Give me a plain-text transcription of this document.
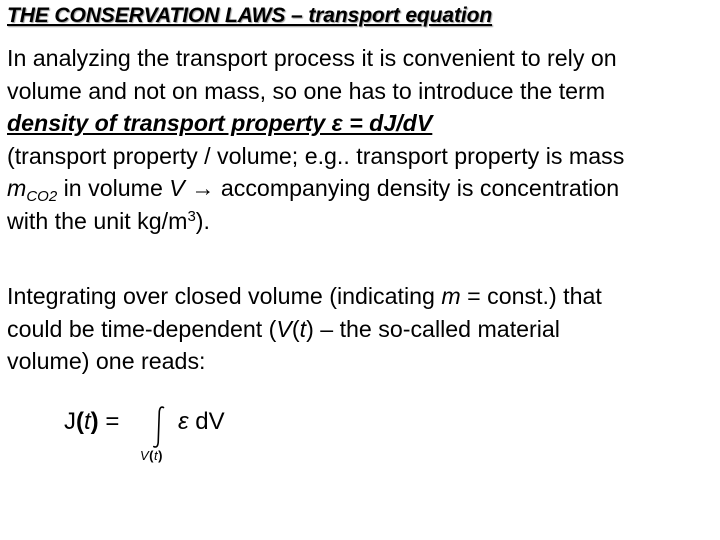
THE CONSERVATION LAWS – transport equation
In analyzing the transport process it is convenient to rely on
volume and not on mass, so one has to introduce the term
density of transport property ε = dJ/dV
(transport property / volume; e.g.. transport property is mass
$m_{CO2}$ in volume V → accompanying density is concentration
with the unit $kg/m^3$).
Integrating over closed volume (indicating m = const.) that
could be time-dependent (V(t) – the so-called material
volume) one reads:
J(t) = ε dV
V(t)
